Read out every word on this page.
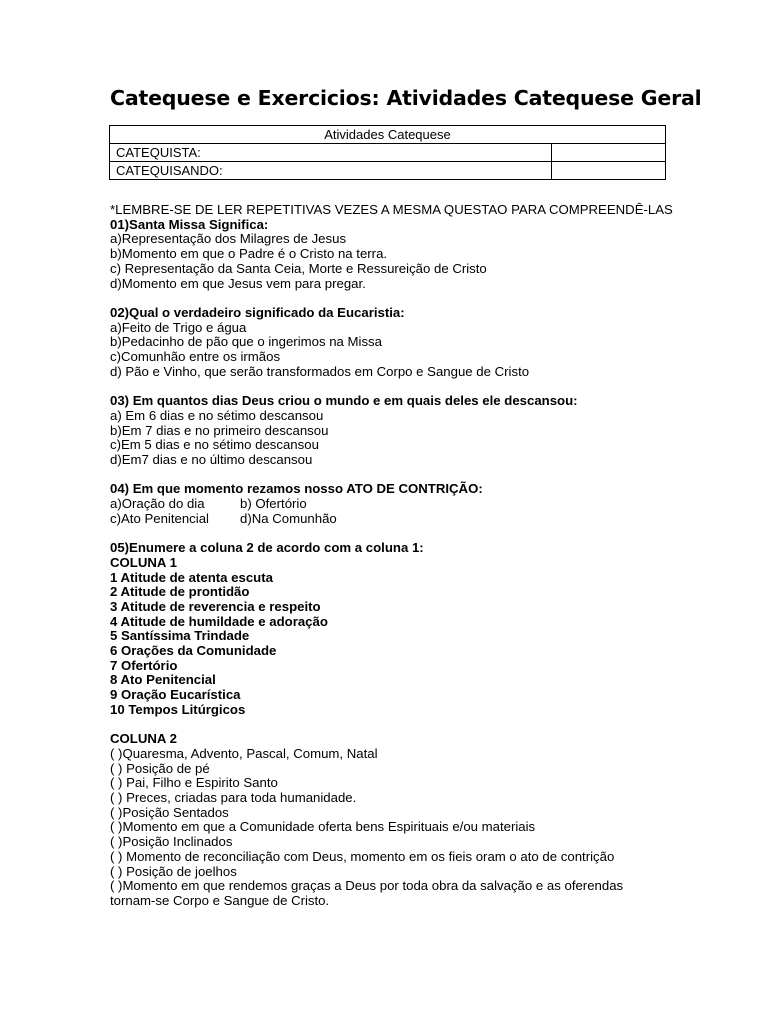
Catequese e Exercicios: Atividades Catequese Geral
Atividades Catequese	
CATEQUISTA:	
CATEQUISANDO:	
*LEMBRE-SE DE LER REPETITIVAS VEZES A MESMA QUESTAO PARA COMPREENDÊ-LAS
01)Santa Missa Significa:
a)Representação dos Milagres de Jesus
b)Momento em que o Padre é o Cristo na terra.
c) Representação da Santa Ceia, Morte e Ressureição de Cristo
d)Momento em que Jesus vem para pregar.
02)Qual o verdadeiro significado da Eucaristia:
a)Feito de Trigo e água
b)Pedacinho de pão que o ingerimos na Missa
c)Comunhão entre os irmãos
d) Pão e Vinho, que serão transformados em Corpo e Sangue de Cristo
03) Em quantos dias Deus criou o mundo e em quais deles ele descansou:
a) Em 6 dias e no sétimo descansou
b)Em 7 dias e no primeiro descansou
c)Em 5 dias e no sétimo descansou
d)Em7 dias e no último descansou
04) Em que momento rezamos nosso ATO DE CONTRIÇÃO:
a)Oração do dia	b) Ofertório
c)Ato Penitencial d)Na Comunhão
05)Enumere a coluna 2 de acordo com a coluna 1:
COLUNA 1
1 Atitude de atenta escuta
2 Atitude de prontidão
3 Atitude de reverencia e respeito
4 Atitude de humildade e adoração
5 Santíssima Trindade
6 Orações da Comunidade
7 Ofertório
8 Ato Penitencial
9 Oração Eucarística
10 Tempos Litúrgicos
COLUNA 2
( )Quaresma, Advento, Pascal, Comum, Natal
( ) Posição de pé
( ) Pai, Filho e Espirito Santo
( ) Preces, criadas para toda humanidade.
( )Posição Sentados
( )Momento em que a Comunidade oferta bens Espirituais e/ou materiais
( )Posição Inclinados
( ) Momento de reconciliação com Deus, momento em os fieis oram o ato de contrição
( ) Posição de joelhos
( )Momento em que rendemos graças a Deus por toda obra da salvação e as oferendas tornam-se Corpo e Sangue de Cristo.
